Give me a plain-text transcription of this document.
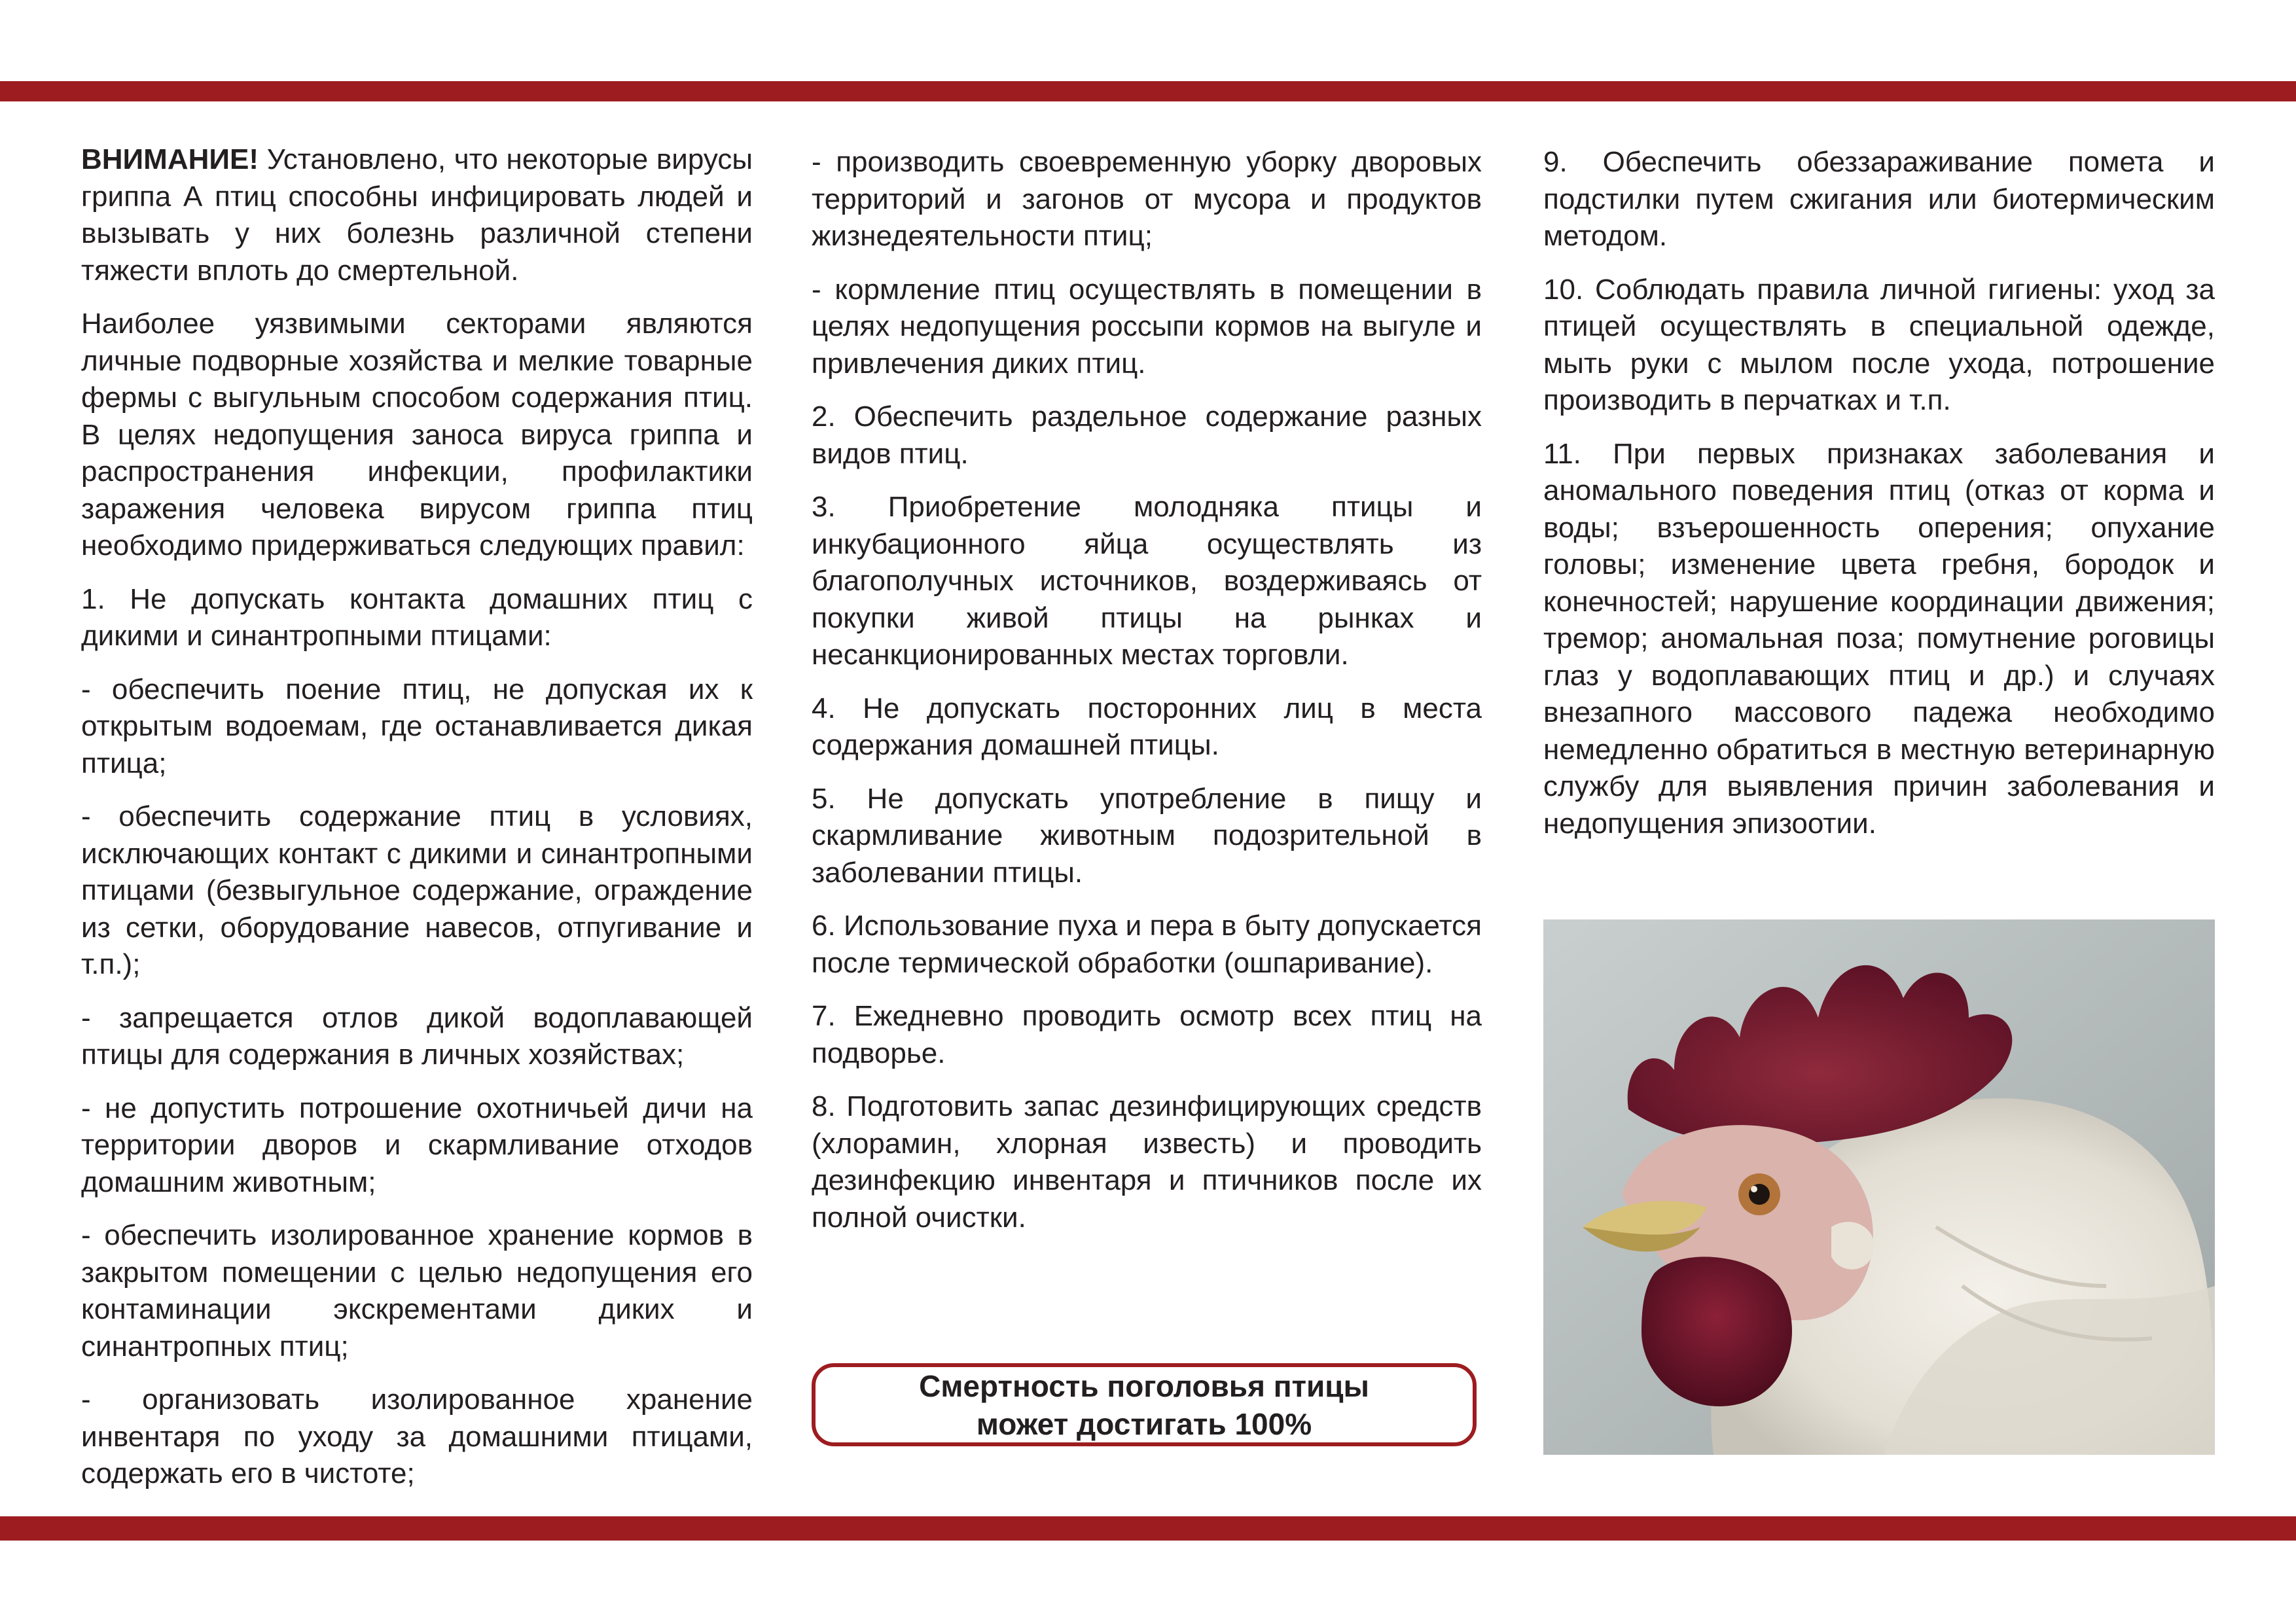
ВНИМАНИЕ! Установлено, что некоторые вирусы гриппа А птиц способны инфицировать людей и вызывать у них болезнь различной степени тяжести вплоть до смертельной.

Наиболее уязвимыми секторами являются личные подворные хозяйства и мелкие товарные фермы с выгульным способом содержания птиц. В целях недопущения заноса вируса гриппа и распространения инфекции, профилактики заражения человека вирусом гриппа птиц необходимо придерживаться следующих правил:

1. Не допускать контакта домашних птиц с дикими и синантропными птицами:

- обеспечить поение птиц, не допуская их к открытым водоемам, где останавливается дикая птица;

- обеспечить содержание птиц в условиях, исключающих контакт с дикими и синантропными птицами (безвыгульное содержание, ограждение из сетки, оборудование навесов, отпугивание и т.п.);

- запрещается отлов дикой водоплавающей птицы для содержания в личных хозяйствах;

- не допустить потрошение охотничьей дичи на территории дворов и скармливание отходов домашним животным;

- обеспечить изолированное хранение кормов в закрытом помещении с целью недопущения его контаминации экскрементами диких и синантропных птиц;

- организовать изолированное хранение инвентаря по уходу за домашними птицами, содержать его в чистоте;

- производить своевременную уборку дворовых территорий и загонов от мусора и продуктов жизнедеятельности птиц;

- кормление птиц осуществлять в помещении в целях недопущения россыпи кормов на выгуле и привлечения диких птиц.

2. Обеспечить раздельное содержание разных видов птиц.

3. Приобретение молодняка птицы и инкубационного яйца осуществлять из благополучных источников, воздерживаясь от покупки живой птицы на рынках и несанкционированных местах торговли.

4. Не допускать посторонних лиц в места содержания домашней птицы.

5. Не допускать употребление в пищу и скармливание животным подозрительной в заболевании птицы.

6. Использование пуха и пера в быту допускается после термической обработки (ошпаривание).

7. Ежедневно проводить осмотр всех птиц на подворье.

8. Подготовить запас дезинфицирующих средств (хлорамин, хлорная известь) и проводить дезинфекцию инвентаря и птичников после их полной очистки.

Смертность поголовья птицы
может достигать 100%

9. Обеспечить обеззараживание помета и подстилки путем сжигания или биотермическим методом.

10. Соблюдать правила личной гигиены: уход за птицей осуществлять в специальной одежде, мыть руки с мылом после ухода, потрошение производить в перчатках и т.п.

11. При первых признаках заболевания и аномального поведения птиц (отказ от корма и воды; взъерошенность оперения; опухание головы; изменение цвета гребня, бородок и конечностей; нарушение координации движения; тремор; аномальная поза; помутнение роговицы глаз у водоплавающих птиц и др.) и случаях внезапного массового падежа необходимо немедленно обратиться в местную ветеринарную службу для выявления причин заболевания и недопущения эпизоотии.
